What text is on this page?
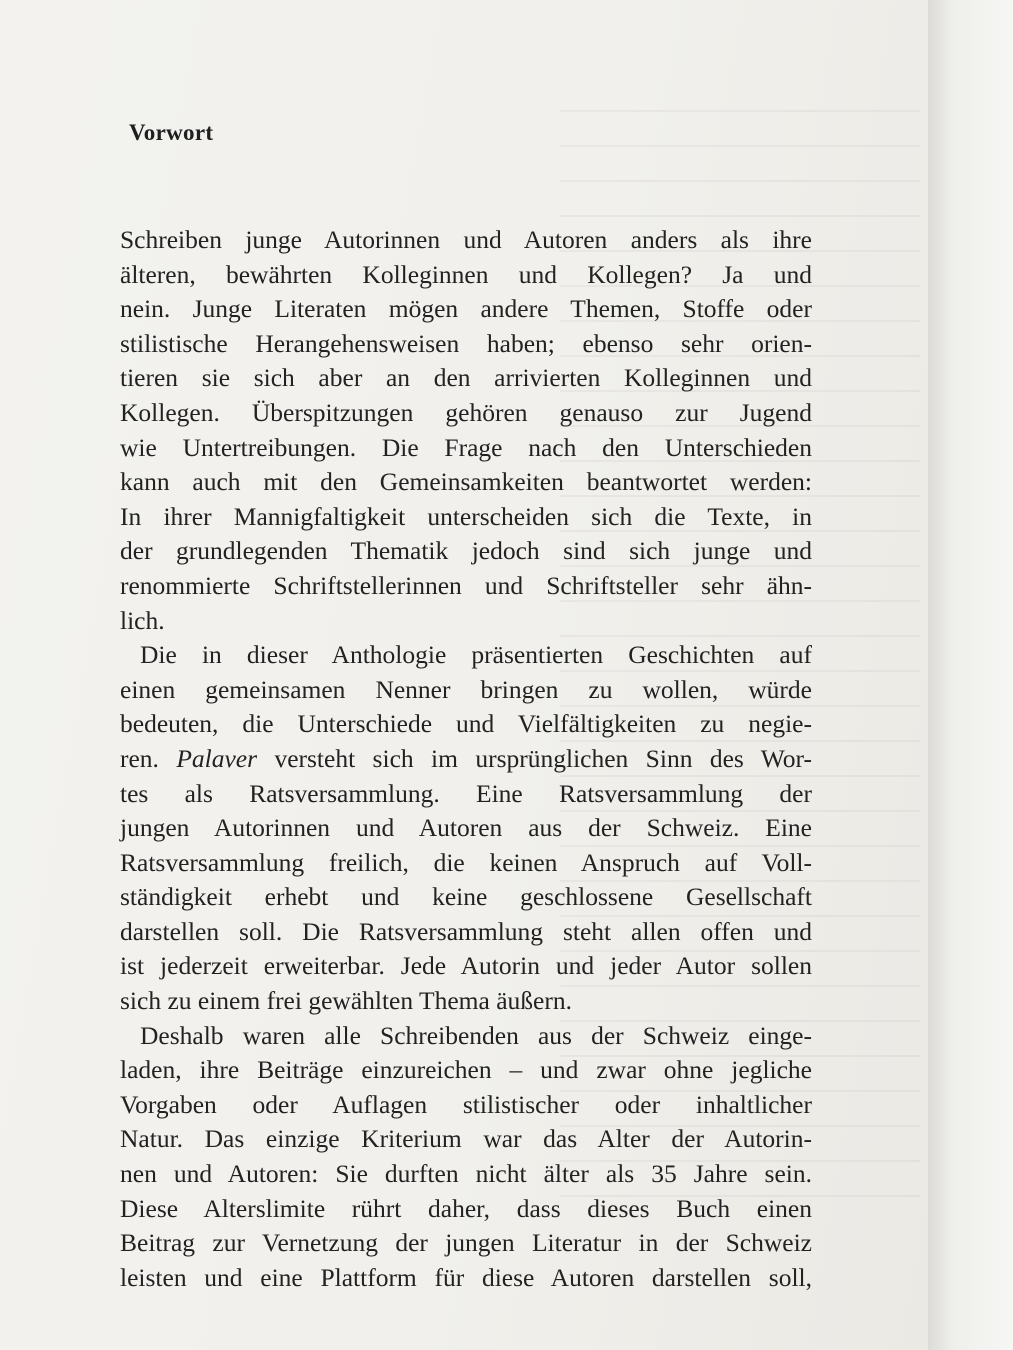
Vorwort
Schreiben junge Autorinnen und Autoren anders als ihre
älteren, bewährten Kolleginnen und Kollegen? Ja und
nein. Junge Literaten mögen andere Themen, Stoffe oder
stilistische Herangehensweisen haben; ebenso sehr orien-
tieren sie sich aber an den arrivierten Kolleginnen und
Kollegen. Überspitzungen gehören genauso zur Jugend
wie Untertreibungen. Die Frage nach den Unterschieden
kann auch mit den Gemeinsamkeiten beantwortet werden:
In ihrer Mannigfaltigkeit unterscheiden sich die Texte, in
der grundlegenden Thematik jedoch sind sich junge und
renommierte Schriftstellerinnen und Schriftsteller sehr ähn-
lich.
Die in dieser Anthologie präsentierten Geschichten auf
einen gemeinsamen Nenner bringen zu wollen, würde
bedeuten, die Unterschiede und Vielfältigkeiten zu negie-
ren. Palaver versteht sich im ursprünglichen Sinn des Wor-
tes als Ratsversammlung. Eine Ratsversammlung der
jungen Autorinnen und Autoren aus der Schweiz. Eine
Ratsversammlung freilich, die keinen Anspruch auf Voll-
ständigkeit erhebt und keine geschlossene Gesellschaft
darstellen soll. Die Ratsversammlung steht allen offen und
ist jederzeit erweiterbar. Jede Autorin und jeder Autor sollen
sich zu einem frei gewählten Thema äußern.
Deshalb waren alle Schreibenden aus der Schweiz einge-
laden, ihre Beiträge einzureichen – und zwar ohne jegliche
Vorgaben oder Auflagen stilistischer oder inhaltlicher
Natur. Das einzige Kriterium war das Alter der Autorin-
nen und Autoren: Sie durften nicht älter als 35 Jahre sein.
Diese Alterslimite rührt daher, dass dieses Buch einen
Beitrag zur Vernetzung der jungen Literatur in der Schweiz
leisten und eine Plattform für diese Autoren darstellen soll,
